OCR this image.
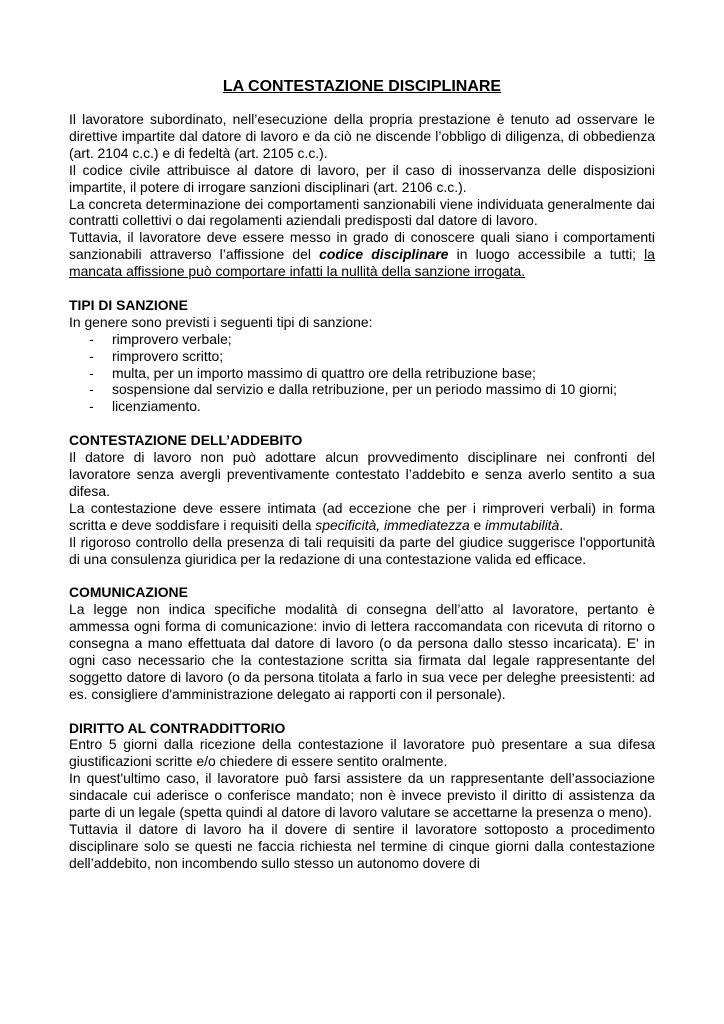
LA CONTESTAZIONE DISCIPLINARE

Il lavoratore subordinato, nell’esecuzione della propria prestazione è tenuto ad osservare le direttive impartite dal datore di lavoro e da ciò ne discende l’obbligo di diligenza, di obbedienza (art. 2104 c.c.) e di fedeltà (art. 2105 c.c.).

Il codice civile attribuisce al datore di lavoro, per il caso di inosservanza delle disposizioni impartite, il potere di irrogare sanzioni disciplinari (art. 2106 c.c.).

La concreta determinazione dei comportamenti sanzionabili viene individuata generalmente dai contratti collettivi o dai regolamenti aziendali predisposti dal datore di lavoro.

Tuttavia, il lavoratore deve essere messo in grado di conoscere quali siano i comportamenti sanzionabili attraverso l’affissione del codice disciplinare in luogo accessibile a tutti; la mancata affissione può comportare infatti la nullità della sanzione irrogata.

TIPI DI SANZIONE

In genere sono previsti i seguenti tipi di sanzione:

- rimprovero verbale;
- rimprovero scritto;
- multa, per un importo massimo di quattro ore della retribuzione base;
- sospensione dal servizio e dalla retribuzione, per un periodo massimo di 10 giorni;
- licenziamento.
CONTESTAZIONE DELL’ADDEBITO

Il datore di lavoro non può adottare alcun provvedimento disciplinare nei confronti del lavoratore senza avergli preventivamente contestato l’addebito e senza averlo sentito a sua difesa.

La contestazione deve essere intimata (ad eccezione che per i rimproveri verbali) in forma scritta e deve soddisfare i requisiti della specificità, immediatezza e immutabilità.

Il rigoroso controllo della presenza di tali requisiti da parte del giudice suggerisce l'opportunità di una consulenza giuridica per la redazione di una contestazione valida ed efficace.

COMUNICAZIONE

La legge non indica specifiche modalità di consegna dell’atto al lavoratore, pertanto è ammessa ogni forma di comunicazione: invio di lettera raccomandata con ricevuta di ritorno o consegna a mano effettuata dal datore di lavoro (o da persona dallo stesso incaricata). E' in ogni caso necessario che la contestazione scritta sia firmata dal legale rappresentante del soggetto datore di lavoro (o da persona titolata a farlo in sua vece per deleghe preesistenti: ad es. consigliere d'amministrazione delegato ai rapporti con il personale).

DIRITTO AL CONTRADDITTORIO

Entro 5 giorni dalla ricezione della contestazione il lavoratore può presentare a sua difesa giustificazioni scritte e/o chiedere di essere sentito oralmente.

In quest'ultimo caso, il lavoratore può farsi assistere da un rappresentante dell’associazione sindacale cui aderisce o conferisce mandato; non è invece previsto il diritto di assistenza da parte di un legale (spetta quindi al datore di lavoro valutare se accettarne la presenza o meno).

Tuttavia il datore di lavoro ha il dovere di sentire il lavoratore sottoposto a procedimento disciplinare solo se questi ne faccia richiesta nel termine di cinque giorni dalla contestazione dell’addebito, non incombendo sullo stesso un autonomo dovere di
